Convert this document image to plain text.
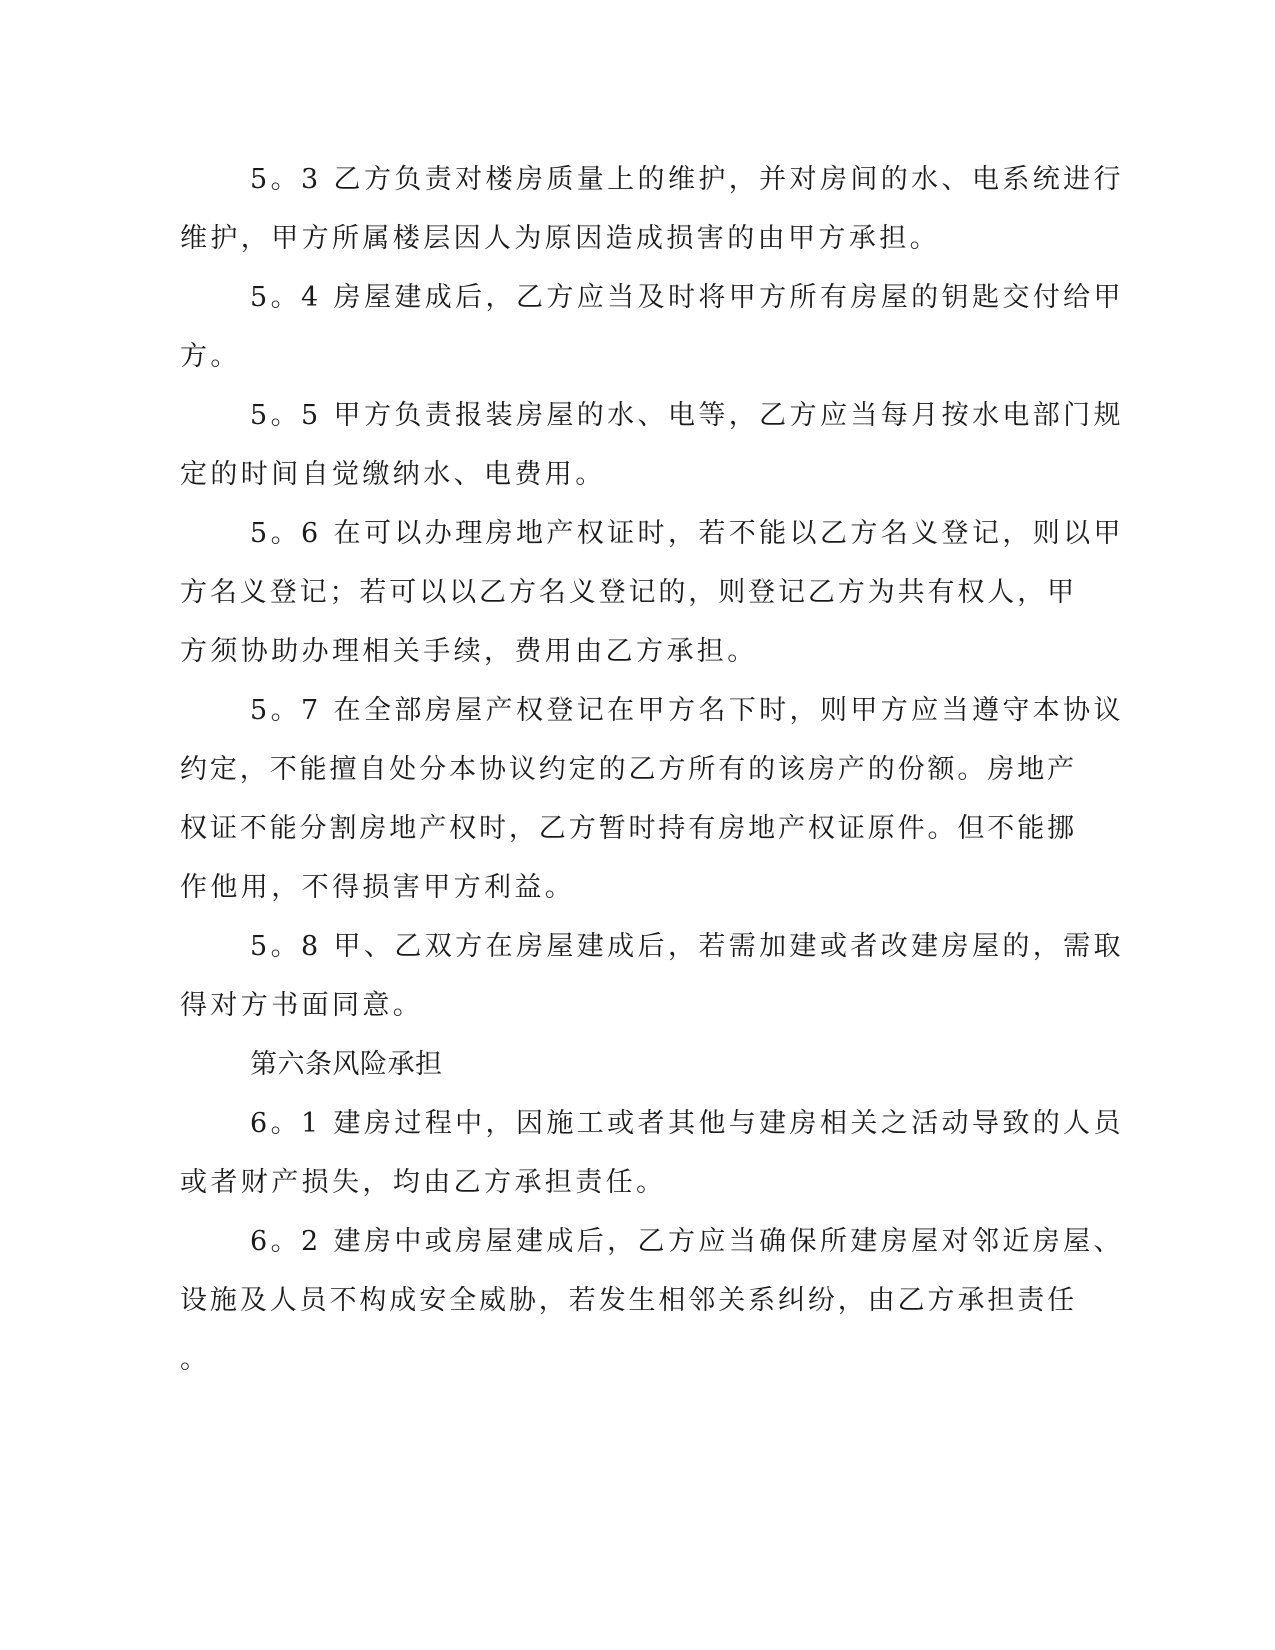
5。3 乙方负责对楼房质量上的维护，并对房间的水、电系统进行
维护，甲方所属楼层因人为原因造成损害的由甲方承担。
5。4 房屋建成后，乙方应当及时将甲方所有房屋的钥匙交付给甲
方。
5。5 甲方负责报装房屋的水、电等，乙方应当每月按水电部门规
定的时间自觉缴纳水、电费用。
5。6 在可以办理房地产权证时，若不能以乙方名义登记，则以甲
方名义登记；若可以以乙方名义登记的，则登记乙方为共有权人，甲
方须协助办理相关手续，费用由乙方承担。
5。7 在全部房屋产权登记在甲方名下时，则甲方应当遵守本协议
约定，不能擅自处分本协议约定的乙方所有的该房产的份额。房地产
权证不能分割房地产权时，乙方暂时持有房地产权证原件。但不能挪
作他用，不得损害甲方利益。
5。8 甲、乙双方在房屋建成后，若需加建或者改建房屋的，需取
得对方书面同意。
第六条风险承担
6。1 建房过程中，因施工或者其他与建房相关之活动导致的人员
或者财产损失，均由乙方承担责任。
6。2 建房中或房屋建成后，乙方应当确保所建房屋对邻近房屋、
设施及人员不构成安全威胁，若发生相邻关系纠纷，由乙方承担责任
。
